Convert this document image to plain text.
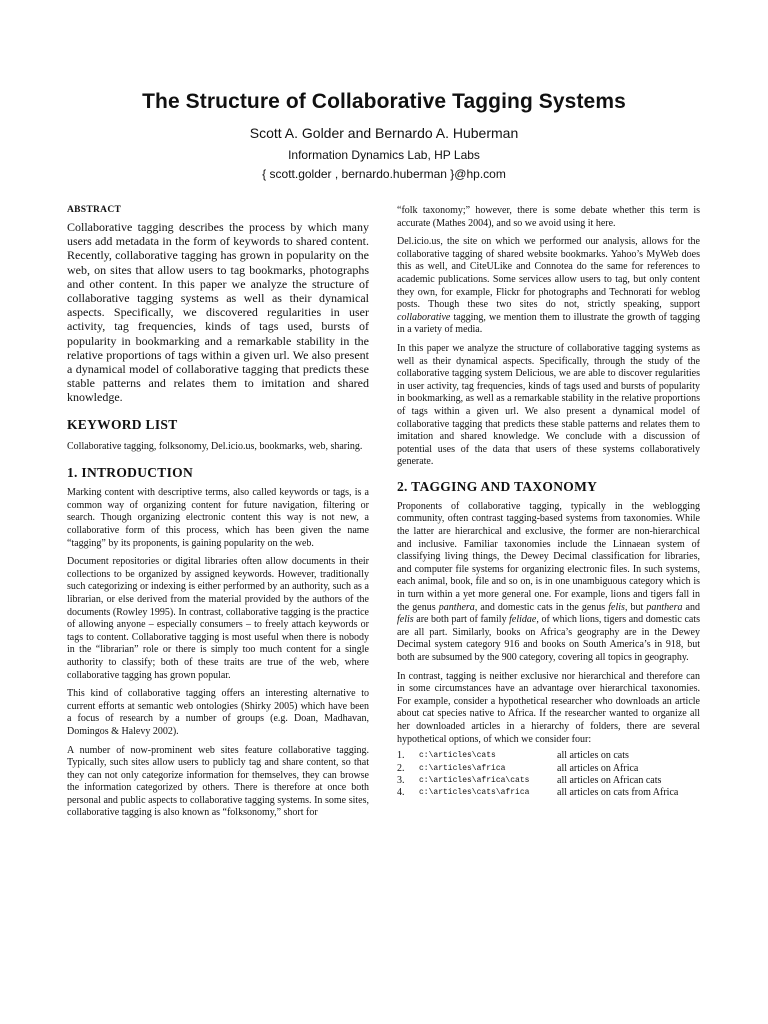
The Structure of Collaborative Tagging Systems
Scott A. Golder and Bernardo A. Huberman
Information Dynamics Lab, HP Labs
{ scott.golder , bernardo.huberman }@hp.com
ABSTRACT

Collaborative tagging describes the process by which many users add metadata in the form of keywords to shared content. Recently, collaborative tagging has grown in popularity on the web, on sites that allow users to tag bookmarks, photographs and other content. In this paper we analyze the structure of collaborative tagging systems as well as their dynamical aspects. Specifically, we discovered regularities in user activity, tag frequencies, kinds of tags used, bursts of popularity in bookmarking and a remarkable stability in the relative proportions of tags within a given url. We also present a dynamical model of collaborative tagging that predicts these stable patterns and relates them to imitation and shared knowledge.

KEYWORD LIST

Collaborative tagging, folksonomy, Del.icio.us, bookmarks, web, sharing.

1. INTRODUCTION

Marking content with descriptive terms, also called keywords or tags, is a common way of organizing content for future navigation, filtering or search. Though organizing electronic content this way is not new, a collaborative form of this process, which has been given the name “tagging” by its proponents, is gaining popularity on the web.

Document repositories or digital libraries often allow documents in their collections to be organized by assigned keywords. However, traditionally such categorizing or indexing is either performed by an authority, such as a librarian, or else derived from the material provided by the authors of the documents (Rowley 1995). In contrast, collaborative tagging is the practice of allowing anyone – especially consumers – to freely attach keywords or tags to content. Collaborative tagging is most useful when there is nobody in the “librarian” role or there is simply too much content for a single authority to classify; both of these traits are true of the web, where collaborative tagging has grown popular.

This kind of collaborative tagging offers an interesting alternative to current efforts at semantic web ontologies (Shirky 2005) which have been a focus of research by a number of groups (e.g. Doan, Madhavan, Domingos & Halevy 2002).

A number of now-prominent web sites feature collaborative tagging. Typically, such sites allow users to publicly tag and share content, so that they can not only categorize information for themselves, they can browse the information categorized by others. There is therefore at once both personal and public aspects to collaborative tagging systems. In some sites, collaborative tagging is also known as “folksonomy,” short for

“folk taxonomy;” however, there is some debate whether this term is accurate (Mathes 2004), and so we avoid using it here.

Del.icio.us, the site on which we performed our analysis, allows for the collaborative tagging of shared website bookmarks. Yahoo’s MyWeb does this as well, and CiteULike and Connotea do the same for references to academic publications. Some services allow users to tag, but only content they own, for example, Flickr for photographs and Technorati for weblog posts. Though these two sites do not, strictly speaking, support collaborative tagging, we mention them to illustrate the growth of tagging in a variety of media.

In this paper we analyze the structure of collaborative tagging systems as well as their dynamical aspects. Specifically, through the study of the collaborative tagging system Delicious, we are able to discover regularities in user activity, tag frequencies, kinds of tags used and bursts of popularity in bookmarking, as well as a remarkable stability in the relative proportions of tags within a given url. We also present a dynamical model of collaborative tagging that predicts these stable patterns and relates them to imitation and shared knowledge. We conclude with a discussion of potential uses of the data that users of these systems collaboratively generate.

2. TAGGING AND TAXONOMY

Proponents of collaborative tagging, typically in the weblogging community, often contrast tagging-based systems from taxonomies. While the latter are hierarchical and exclusive, the former are non-hierarchical and inclusive. Familiar taxonomies include the Linnaean system of classifying living things, the Dewey Decimal classification for libraries, and computer file systems for organizing electronic files. In such systems, each animal, book, file and so on, is in one unambiguous category which is in turn within a yet more general one. For example, lions and tigers fall in the genus panthera, and domestic cats in the genus felis, but panthera and felis are both part of family felidae, of which lions, tigers and domestic cats are all part. Similarly, books on Africa’s geography are in the Dewey Decimal system category 916 and books on South America’s in 918, but both are subsumed by the 900 category, covering all topics in geography.

In contrast, tagging is neither exclusive nor hierarchical and therefore can in some circumstances have an advantage over hierarchical taxonomies. For example, consider a hypothetical researcher who downloads an article about cat species native to Africa. If the researcher wanted to organize all her downloaded articles in a hierarchy of folders, there are several hypothetical options, of which we consider four:

1.	c:\articles\cats	all articles on cats
2.	c:\articles\africa	all articles on Africa
3.	c:\articles\africa\cats	all articles on African cats
4.	c:\articles\cats\africa	all articles on cats from Africa
